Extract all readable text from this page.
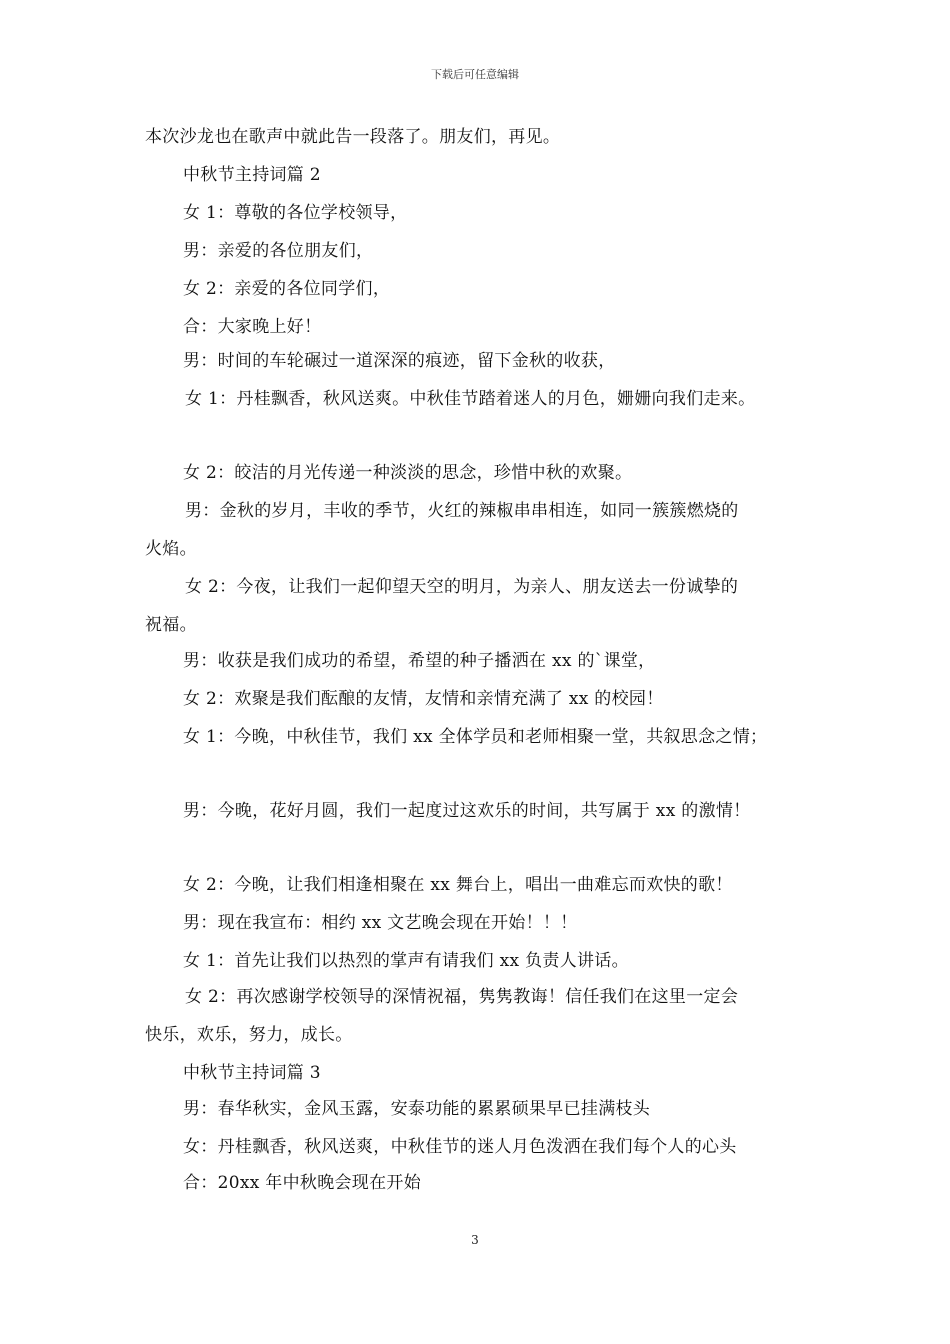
下载后可任意编辑
本次沙龙也在歌声中就此告一段落了。朋友们，再见。
中秋节主持词篇 2
女 1：尊敬的各位学校领导，
男：亲爱的各位朋友们，
女 2：亲爱的各位同学们，
合：大家晚上好！
男：时间的车轮碾过一道深深的痕迹，留下金秋的收获，
女 1：丹桂飘香，秋风送爽。中秋佳节踏着迷人的月色，姗姗向我们走来。
女 2：皎洁的月光传递一种淡淡的思念，珍惜中秋的欢聚。
男：金秋的岁月，丰收的季节，火红的辣椒串串相连，如同一簇簇燃烧的
火焰。
女 2：今夜，让我们一起仰望天空的明月，为亲人、朋友送去一份诚挚的
祝福。
男：收获是我们成功的希望，希望的种子播洒在 xx 的`课堂，
女 2：欢聚是我们酝酿的友情，友情和亲情充满了 xx 的校园！
女 1：今晚，中秋佳节，我们 xx 全体学员和老师相聚一堂，共叙思念之情；
男：今晚，花好月圆，我们一起度过这欢乐的时间，共写属于 xx 的激情！
女 2：今晚，让我们相逢相聚在 xx 舞台上，唱出一曲难忘而欢快的歌！
男：现在我宣布：相约 xx 文艺晚会现在开始！！！
女 1：首先让我们以热烈的掌声有请我们 xx 负责人讲话。
女 2：再次感谢学校领导的深情祝福，隽隽教诲！信任我们在这里一定会
快乐，欢乐，努力，成长。
中秋节主持词篇 3
男：春华秋实，金风玉露，安泰功能的累累硕果早已挂满枝头
女：丹桂飘香，秋风送爽，中秋佳节的迷人月色泼洒在我们每个人的心头
合：20xx 年中秋晚会现在开始
3
